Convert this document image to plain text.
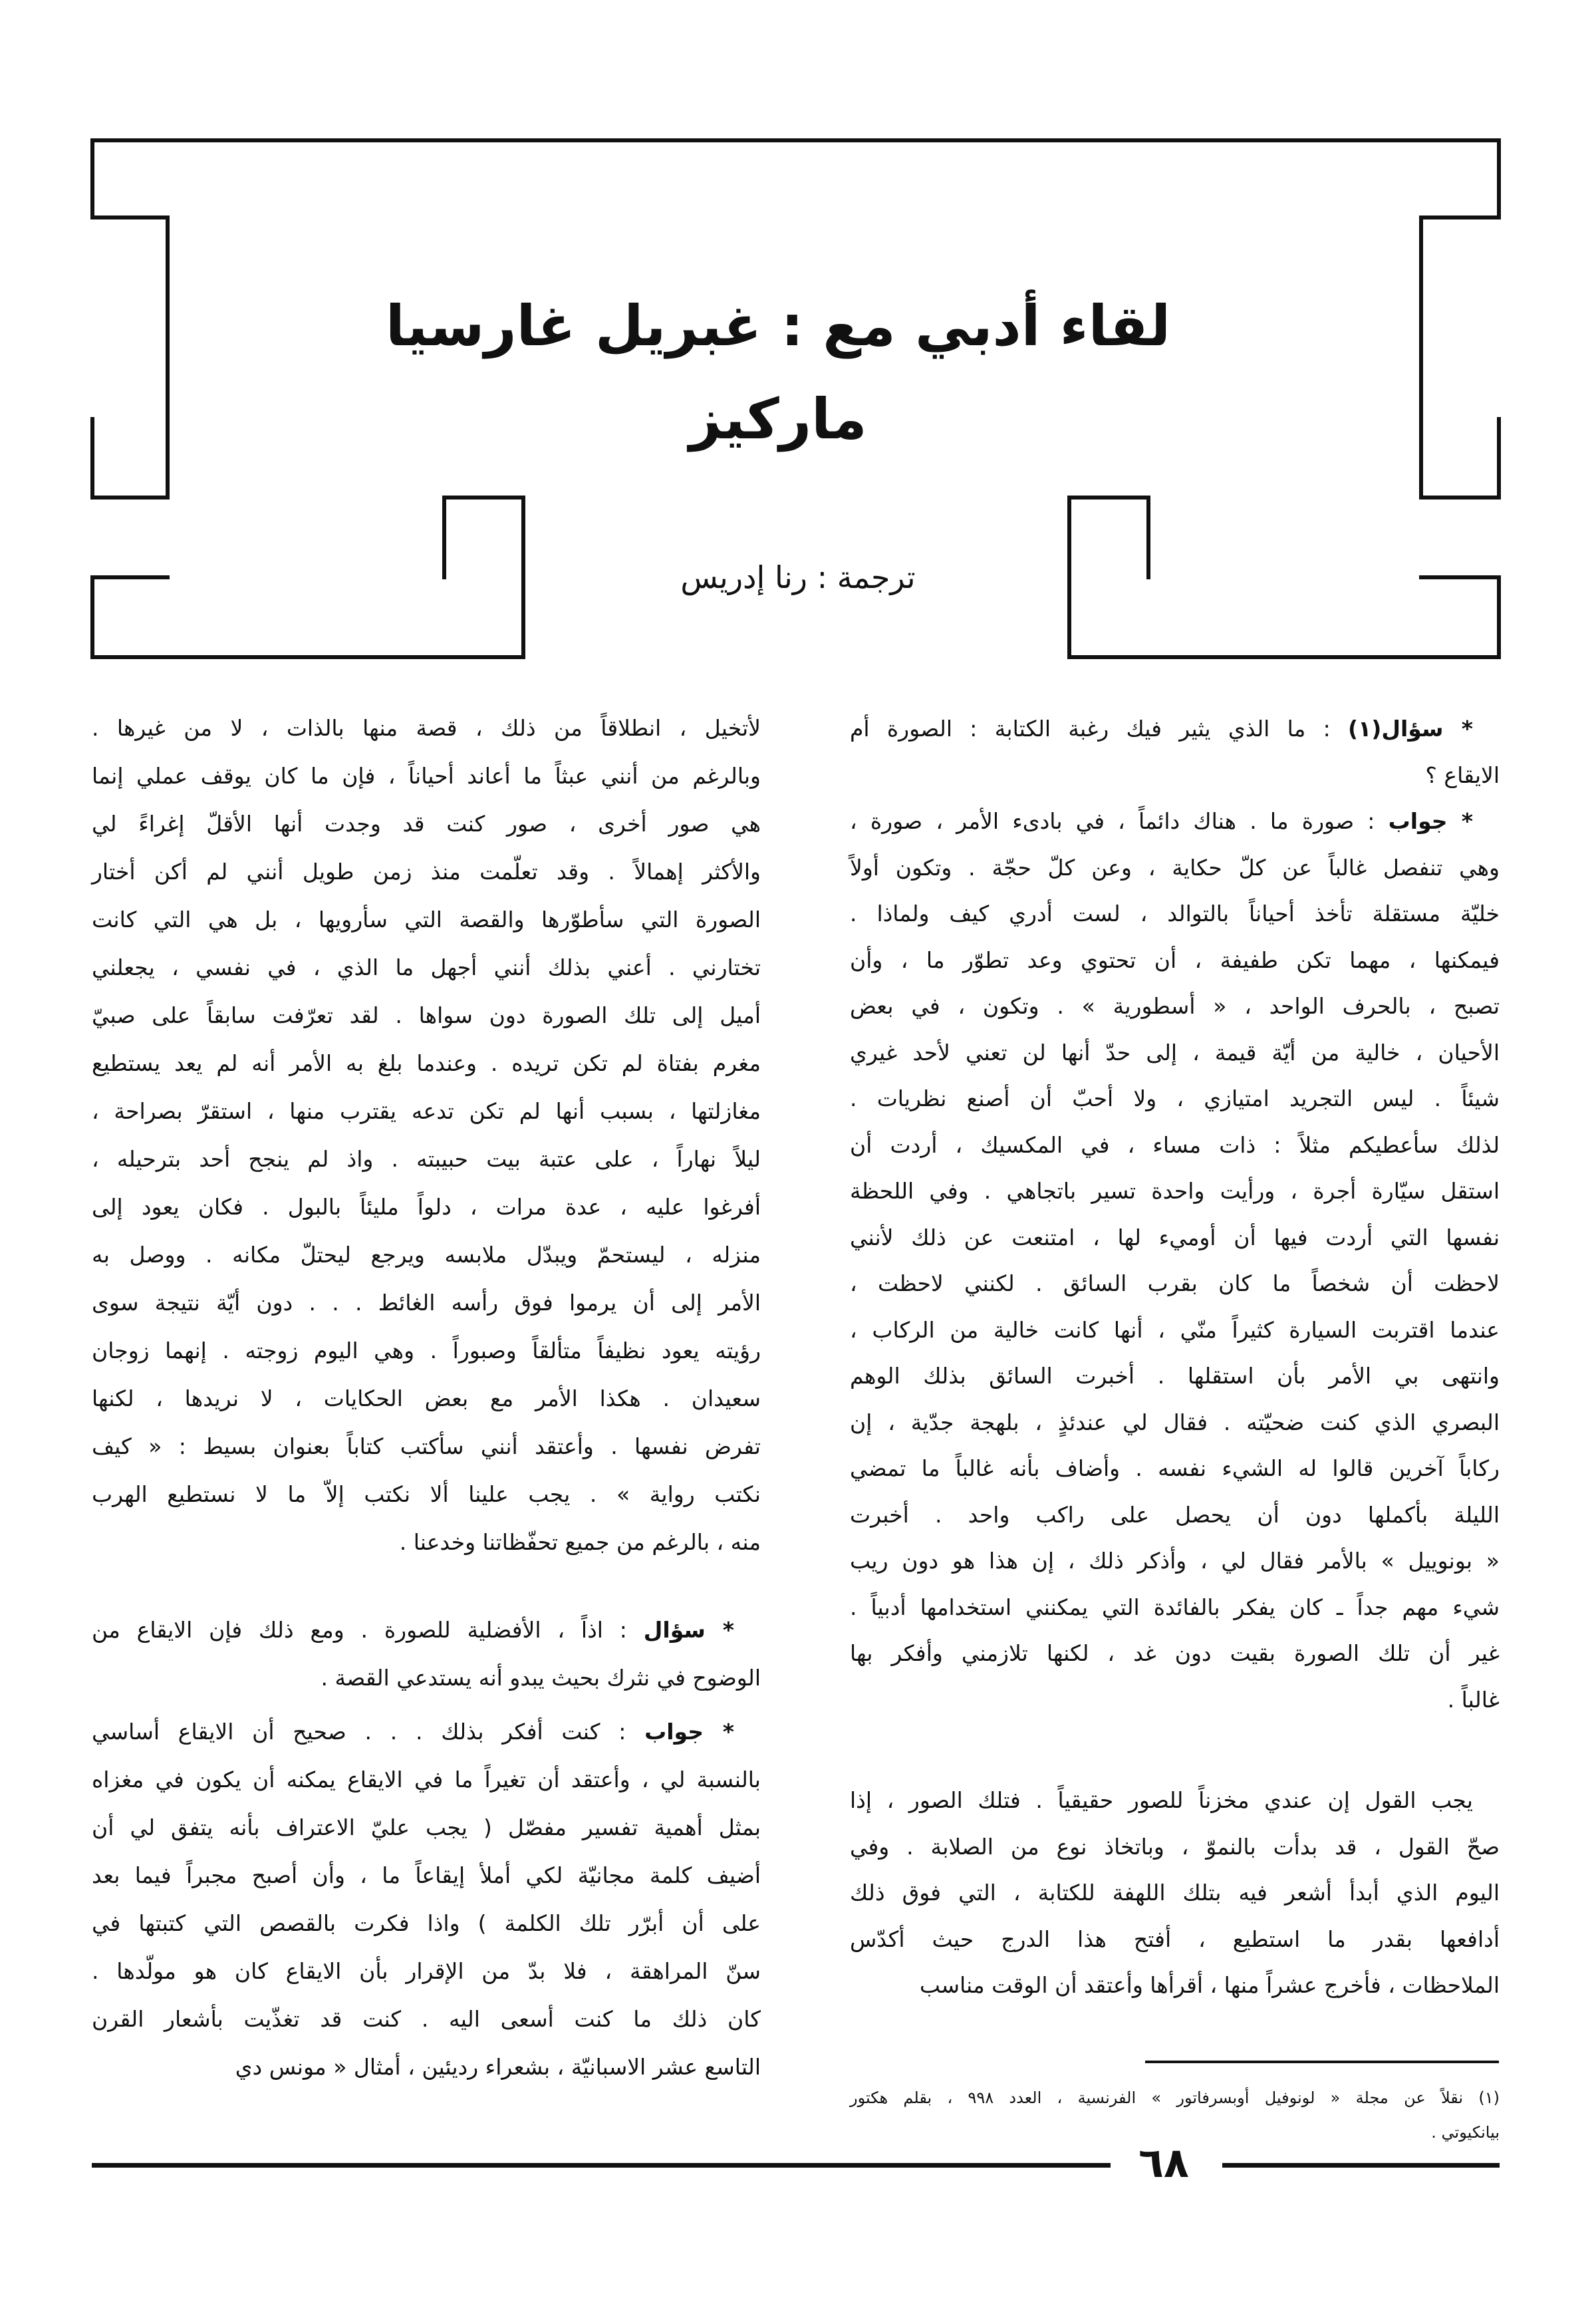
لقاء أدبي مع : غبريل غارسيا ماركيز
ترجمة : رنا إدريس
* سؤال(١) : ما الذي يثير فيك رغبة الكتابة : الصورة أم
الايقاع ؟
* جواب : صورة ما . هناك دائماً ، في بادىء الأمر ، صورة ،
وهي تنفصل غالباً عن كلّ حكاية ، وعن كلّ حجّة . وتكون أولاً
خليّة مستقلة تأخذ أحياناً بالتوالد ، لست أدري كيف ولماذا .
فيمكنها ، مهما تكن طفيفة ، أن تحتوي وعد تطوّر ما ، وأن
تصبح ، بالحرف الواحد ، « أسطورية » . وتكون ، في بعض
الأحيان ، خالية من أيّة قيمة ، إلى حدّ أنها لن تعني لأحد غيري
شيئاً . ليس التجريد امتيازي ، ولا أحبّ أن أصنع نظريات .
لذلك سأعطيكم مثلاً : ذات مساء ، في المكسيك ، أردت أن
استقل سيّارة أجرة ، ورأيت واحدة تسير باتجاهي . وفي اللحظة
نفسها التي أردت فيها أن أوميء لها ، امتنعت عن ذلك لأنني
لاحظت أن شخصاً ما كان بقرب السائق . لكنني لاحظت ،
عندما اقتربت السيارة كثيراً منّي ، أنها كانت خالية من الركاب ،
وانتهى بي الأمر بأن استقلها . أخبرت السائق بذلك الوهم
البصري الذي كنت ضحيّته . فقال لي عندئذٍ ، بلهجة جدّية ، إن
ركاباً آخرين قالوا له الشيء نفسه . وأضاف بأنه غالباً ما تمضي
الليلة بأكملها دون أن يحصل على راكب واحد . أخبرت
« بونوييل » بالأمر فقال لي ، وأذكر ذلك ، إن هذا هو دون ريب
شيء مهم جداً ـ كان يفكر بالفائدة التي يمكنني استخدامها أدبياً .
غير أن تلك الصورة بقيت دون غد ، لكنها تلازمني وأفكر بها
غالباً .
يجب القول إن عندي مخزناً للصور حقيقياً . فتلك الصور ، إذا
صحّ القول ، قد بدأت بالنموّ ، وباتخاذ نوع من الصلابة . وفي
اليوم الذي أبدأ أشعر فيه بتلك اللهفة للكتابة ، التي فوق ذلك
أدافعها بقدر ما استطيع ، أفتح هذا الدرج حيث أكدّس
الملاحظات ، فأخرج عشراً منها ، أقرأها وأعتقد أن الوقت مناسب
لأتخيل ، انطلاقاً من ذلك ، قصة منها بالذات ، لا من غيرها .
وبالرغم من أنني عبثاً ما أعاند أحياناً ، فإن ما كان يوقف عملي إنما
هي صور أخرى ، صور كنت قد وجدت أنها الأقلّ إغراءً لي
والأكثر إهمالاً . وقد تعلّمت منذ زمن طويل أنني لم أكن أختار
الصورة التي سأطوّرها والقصة التي سأرويها ، بل هي التي كانت
تختارني . أعني بذلك أنني أجهل ما الذي ، في نفسي ، يجعلني
أميل إلى تلك الصورة دون سواها . لقد تعرّفت سابقاً على صبيّ
مغرم بفتاة لم تكن تريده . وعندما بلغ به الأمر أنه لم يعد يستطيع
مغازلتها ، بسبب أنها لم تكن تدعه يقترب منها ، استقرّ بصراحة ،
ليلاً نهاراً ، على عتبة بيت حبيبته . واذ لم ينجح أحد بترحيله ،
أفرغوا عليه ، عدة مرات ، دلواً مليئاً بالبول . فكان يعود إلى
منزله ، ليستحمّ ويبدّل ملابسه ويرجع ليحتلّ مكانه . ووصل به
الأمر إلى أن يرموا فوق رأسه الغائط . . . دون أيّة نتيجة سوى
رؤيته يعود نظيفاً متألقاً وصبوراً . وهي اليوم زوجته . إنهما زوجان
سعيدان . هكذا الأمر مع بعض الحكايات ، لا نريدها ، لكنها
تفرض نفسها . وأعتقد أنني سأكتب كتاباً بعنوان بسيط : « كيف
نكتب رواية » . يجب علينا ألا نكتب إلاّ ما لا نستطيع الهرب
منه ، بالرغم من جميع تحفّظاتنا وخدعنا .
* سؤال : اذاً ، الأفضلية للصورة . ومع ذلك فإن الايقاع من
الوضوح في نثرك بحيث يبدو أنه يستدعي القصة .
* جواب : كنت أفكر بذلك . . . صحيح أن الايقاع أساسي
بالنسبة لي ، وأعتقد أن تغيراً ما في الايقاع يمكنه أن يكون في مغزاه
بمثل أهمية تفسير مفصّل ( يجب عليّ الاعتراف بأنه يتفق لي أن
أضيف كلمة مجانيّة لكي أملأ إيقاعاً ما ، وأن أصبح مجبراً فيما بعد
على أن أبرّر تلك الكلمة ) واذا فكرت بالقصص التي كتبتها في
سنّ المراهقة ، فلا بدّ من الإقرار بأن الايقاع كان هو مولّدها .
كان ذلك ما كنت أسعى اليه . كنت قد تغذّيت بأشعار القرن
التاسع عشر الاسبانيّة ، بشعراء رديئين ، أمثال « مونس دي
(١) نقلاً عن مجلة « لونوفيل أوبسرفاتور » الفرنسية ، العدد ٩٩٨ ، بقلم هكتور
بيانكيوتي .
٦٨
